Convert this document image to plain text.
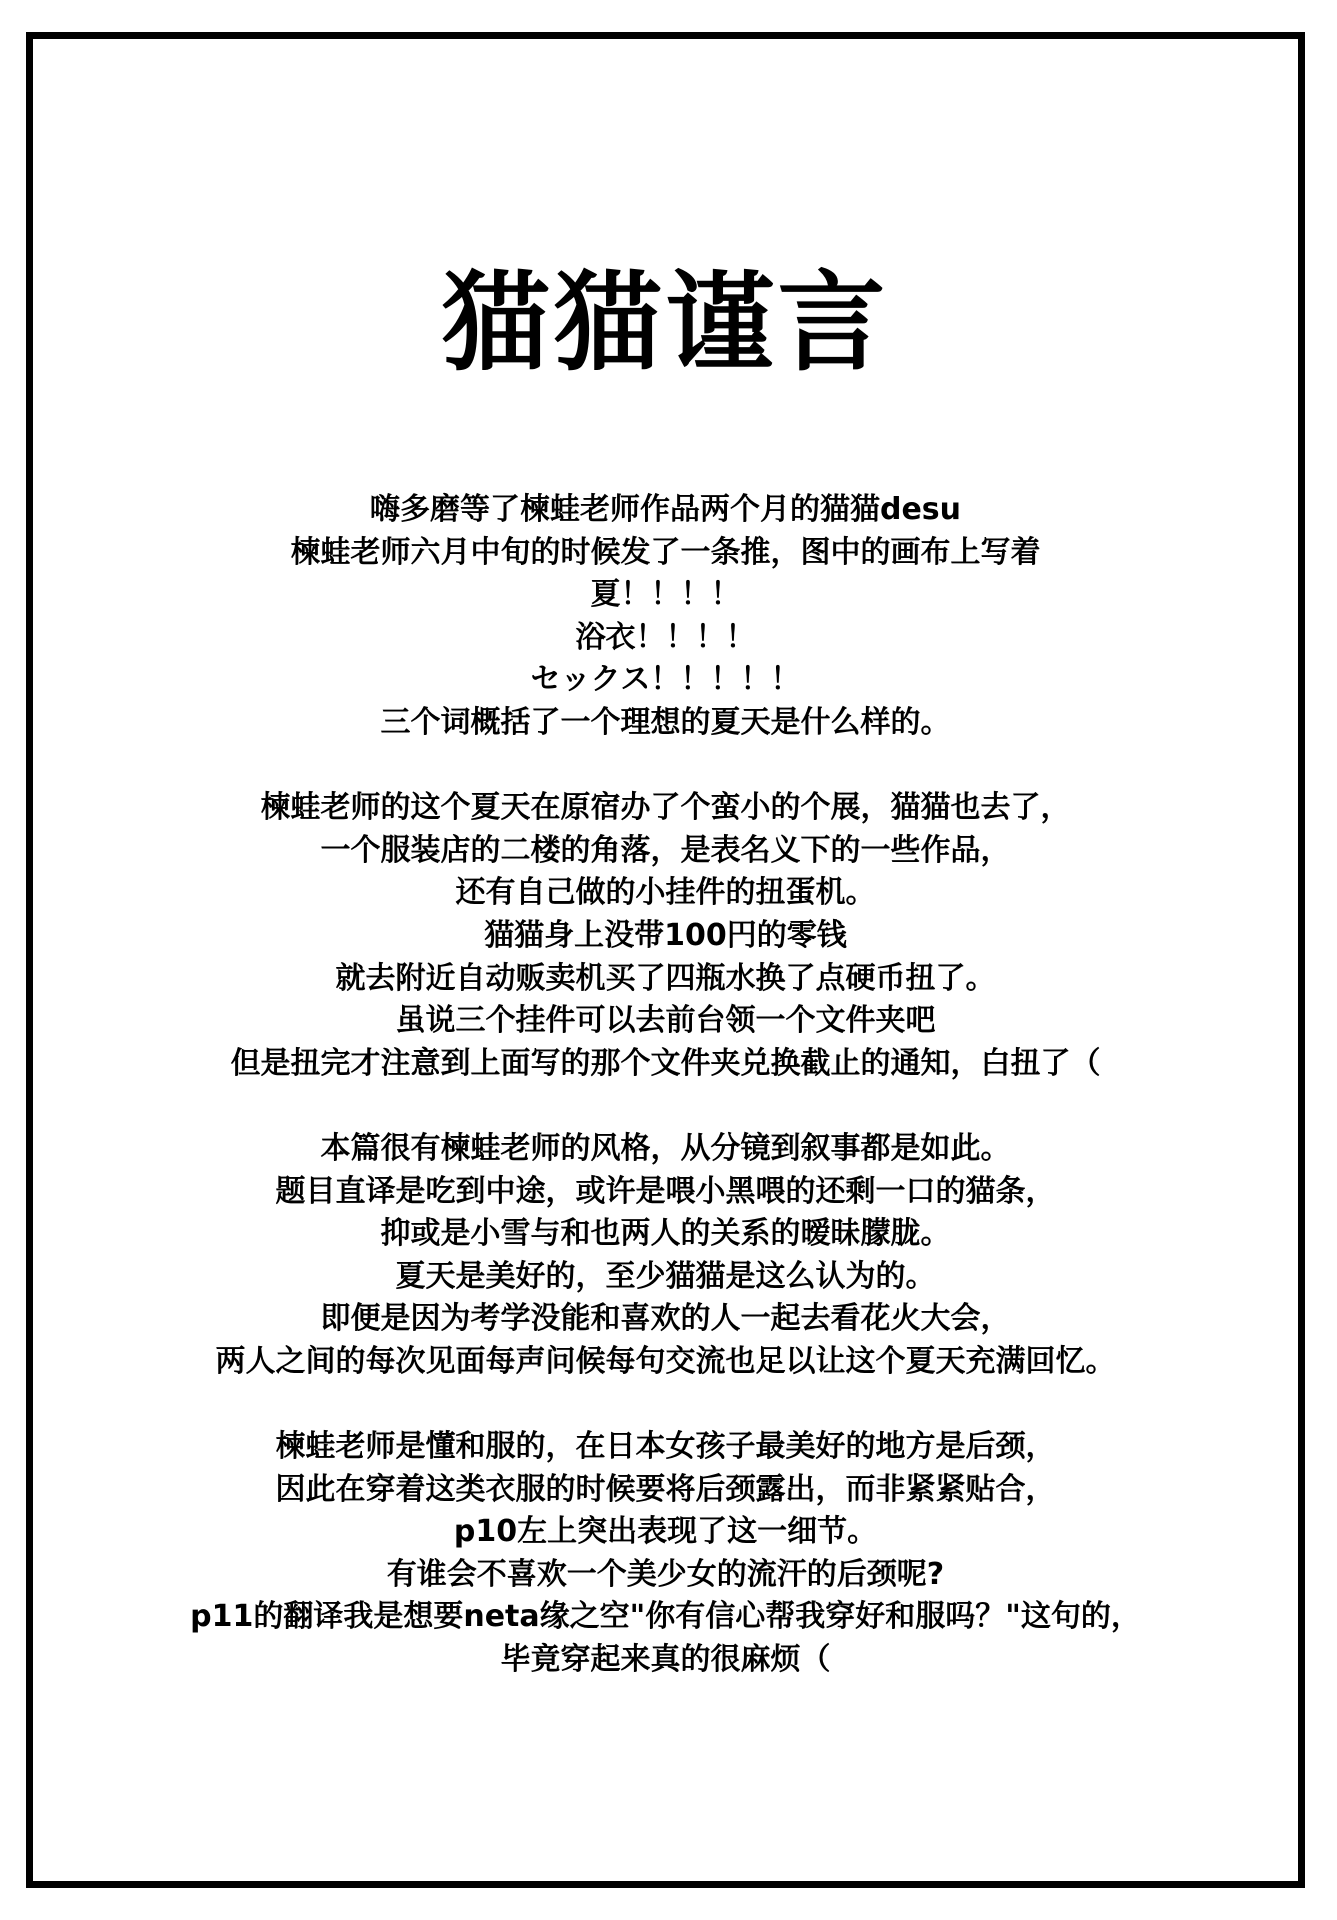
猫猫谨言
嗨多磨等了楝蛙老师作品两个月的猫猫desu
楝蛙老师六月中旬的时候发了一条推，图中的画布上写着
夏！！！！
浴衣！！！！
セックス！！！！！
三个词概括了一个理想的夏天是什么样的。
楝蛙老师的这个夏天在原宿办了个蛮小的个展，猫猫也去了，
一个服装店的二楼的角落，是表名义下的一些作品，
还有自己做的小挂件的扭蛋机。
猫猫身上没带100円的零钱
就去附近自动贩卖机买了四瓶水换了点硬币扭了。
虽说三个挂件可以去前台领一个文件夹吧
但是扭完才注意到上面写的那个文件夹兑换截止的通知，白扭了（
本篇很有楝蛙老师的风格，从分镜到叙事都是如此。
题目直译是吃到中途，或许是喂小黑喂的还剩一口的猫条，
抑或是小雪与和也两人的关系的暧昧朦胧。
夏天是美好的，至少猫猫是这么认为的。
即便是因为考学没能和喜欢的人一起去看花火大会，
两人之间的每次见面每声问候每句交流也足以让这个夏天充满回忆。
楝蛙老师是懂和服的，在日本女孩子最美好的地方是后颈，
因此在穿着这类衣服的时候要将后颈露出，而非紧紧贴合，
p10左上突出表现了这一细节。
有谁会不喜欢一个美少女的流汗的后颈呢?
p11的翻译我是想要neta缘之空"你有信心帮我穿好和服吗？"这句的，
毕竟穿起来真的很麻烦（
